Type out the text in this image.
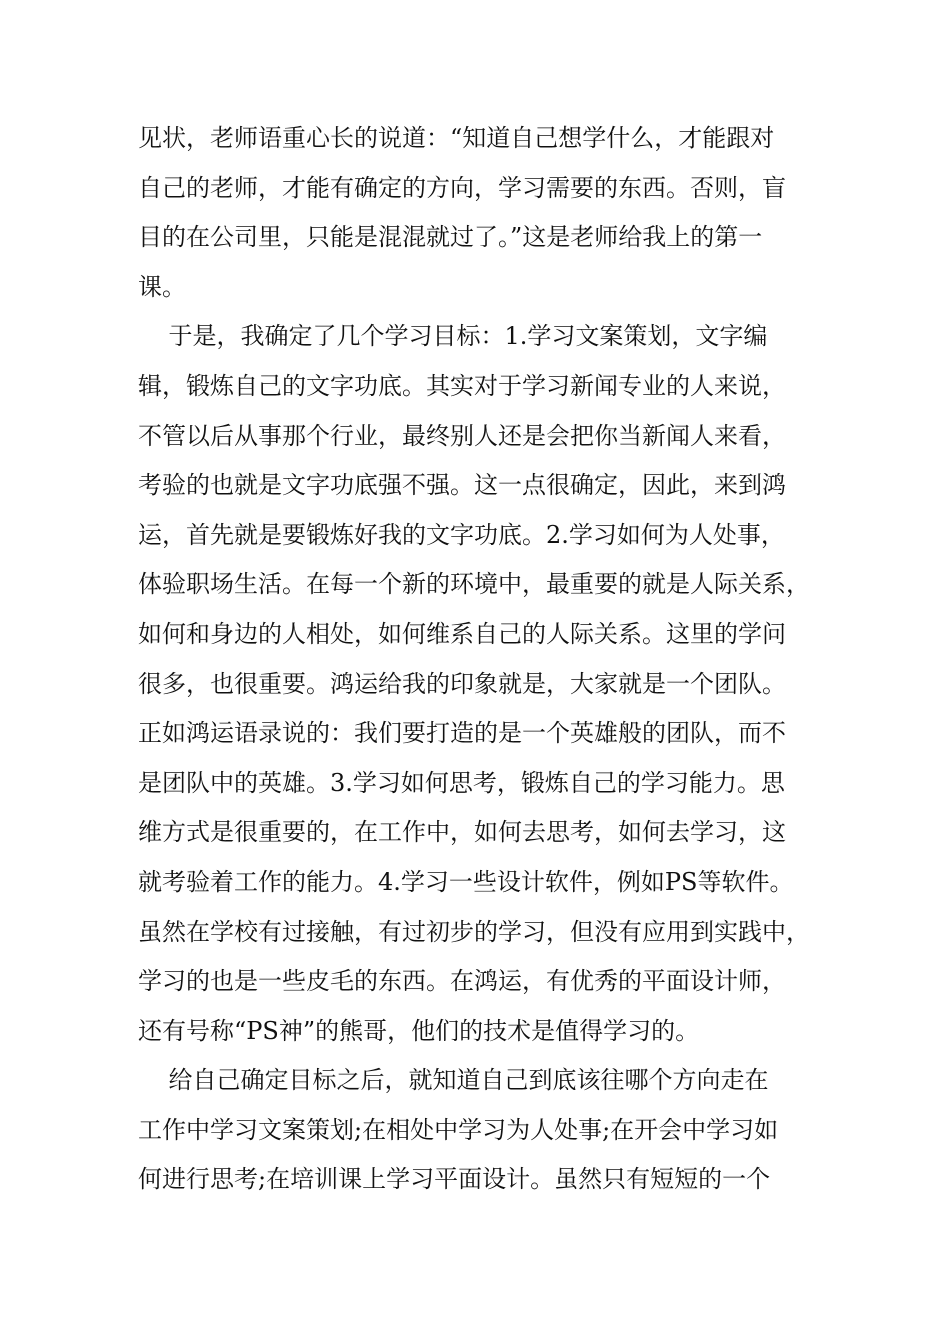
见状，老师语重心长的说道：“知道自己想学什么，才能跟对
自己的老师，才能有确定的方向，学习需要的东西。否则，盲
目的在公司里，只能是混混就过了。”这是老师给我上的第一
课。
于是，我确定了几个学习目标：1.学习文案策划，文字编
辑，锻炼自己的文字功底。其实对于学习新闻专业的人来说，
不管以后从事那个行业，最终别人还是会把你当新闻人来看，
考验的也就是文字功底强不强。这一点很确定，因此，来到鸿
运，首先就是要锻炼好我的文字功底。2.学习如何为人处事，
体验职场生活。在每一个新的环境中，最重要的就是人际关系，
如何和身边的人相处，如何维系自己的人际关系。这里的学问
很多，也很重要。鸿运给我的印象就是，大家就是一个团队。
正如鸿运语录说的：我们要打造的是一个英雄般的团队，而不
是团队中的英雄。3.学习如何思考，锻炼自己的学习能力。思
维方式是很重要的，在工作中，如何去思考，如何去学习，这
就考验着工作的能力。4.学习一些设计软件，例如PS等软件。
虽然在学校有过接触，有过初步的学习，但没有应用到实践中，
学习的也是一些皮毛的东西。在鸿运，有优秀的平面设计师，
还有号称“PS神”的熊哥，他们的技术是值得学习的。
给自己确定目标之后，就知道自己到底该往哪个方向走在
工作中学习文案策划;在相处中学习为人处事;在开会中学习如
何进行思考;在培训课上学习平面设计。虽然只有短短的一个
